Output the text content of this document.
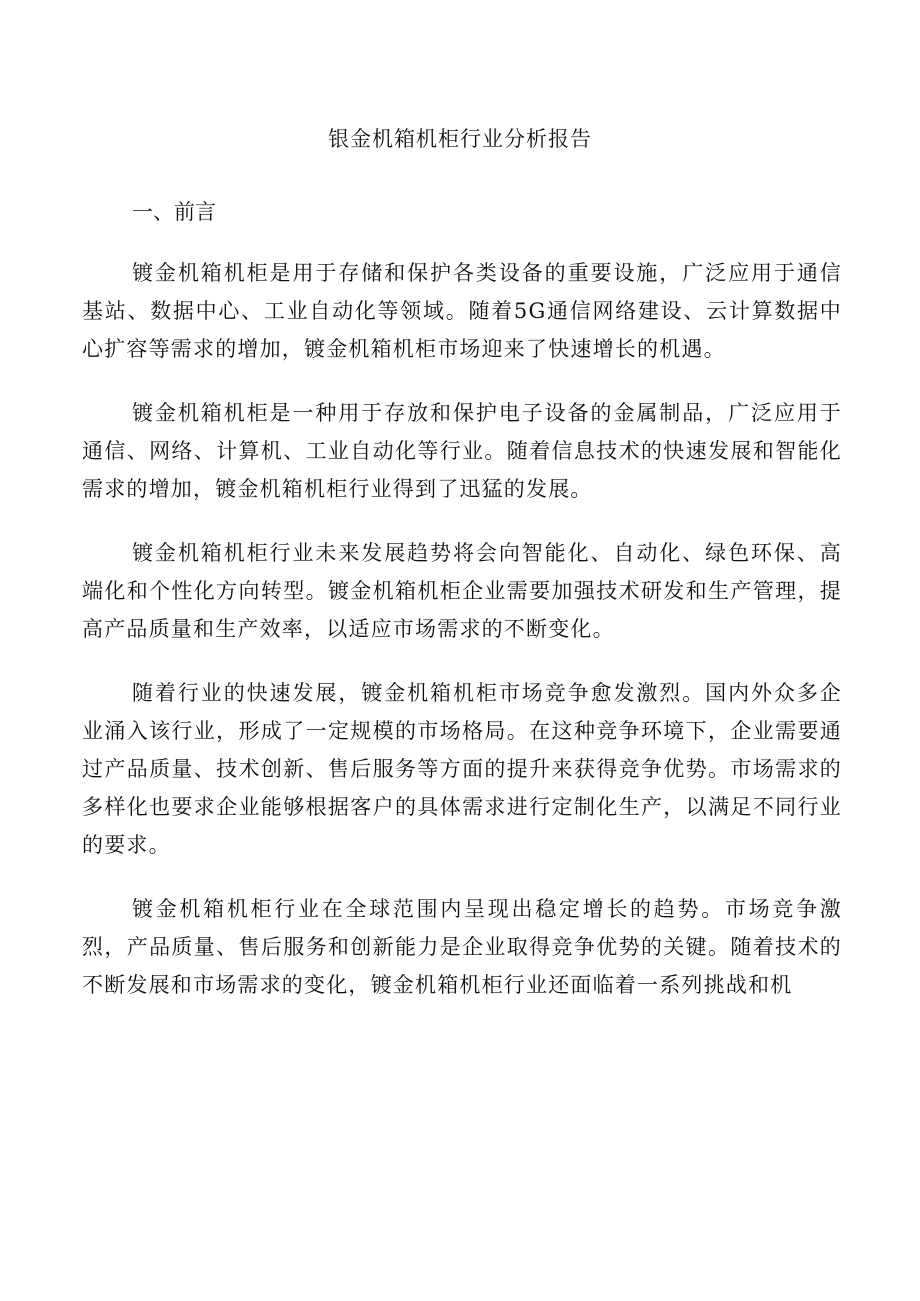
银金机箱机柜行业分析报告
一、前言

镀金机箱机柜是用于存储和保护各类设备的重要设施，广泛应用于通信基站、数据中心、工业自动化等领域。随着5G通信网络建设、云计算数据中心扩容等需求的增加，镀金机箱机柜市场迎来了快速增长的机遇。

镀金机箱机柜是一种用于存放和保护电子设备的金属制品，广泛应用于通信、网络、计算机、工业自动化等行业。随着信息技术的快速发展和智能化需求的增加，镀金机箱机柜行业得到了迅猛的发展。

镀金机箱机柜行业未来发展趋势将会向智能化、自动化、绿色环保、高端化和个性化方向转型。镀金机箱机柜企业需要加强技术研发和生产管理，提高产品质量和生产效率，以适应市场需求的不断变化。

随着行业的快速发展，镀金机箱机柜市场竞争愈发激烈。国内外众多企业涌入该行业，形成了一定规模的市场格局。在这种竞争环境下，企业需要通过产品质量、技术创新、售后服务等方面的提升来获得竞争优势。市场需求的多样化也要求企业能够根据客户的具体需求进行定制化生产，以满足不同行业的要求。

镀金机箱机柜行业在全球范围内呈现出稳定增长的趋势。市场竞争激烈，产品质量、售后服务和创新能力是企业取得竞争优势的关键。随着技术的不断发展和市场需求的变化，镀金机箱机柜行业还面临着一系列挑战和机
